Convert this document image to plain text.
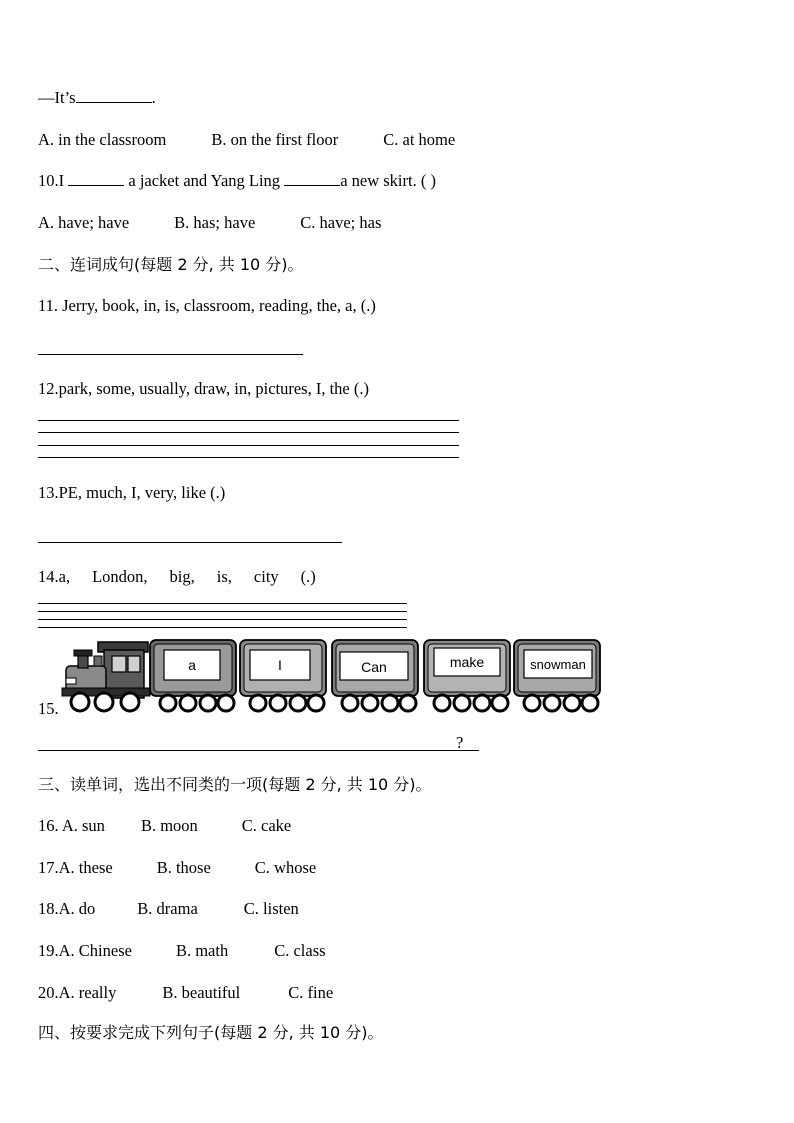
—It’s	.
A. in the classroom	B. on the first floor	C. at home
10.I	a jacket and Yang Ling	a new skirt. ( )
A. have; have	B. has; have	C. have; has
二、连词成句(每题 2 分, 共 10 分)。
11. Jerry, book, in, is, classroom, reading, the, a, (.)
12.park, some, usually, draw, in, pictures, I, the (.)
13.PE, much, I, very, like (.)
14.a, London, big, is, city (.)
15.
a	I	Can	make	snowman
?
三、读单词，选出不同类的一项(每题 2 分, 共 10 分)。
16. A. sun B. moon	C. cake
17.A. these	B. those	C. whose
18.A. do	B. drama	C. listen
19.A. Chinese	B. math	C. class
20.A. really	B. beautiful	C. fine
四、按要求完成下列句子(每题 2 分, 共 10 分)。
